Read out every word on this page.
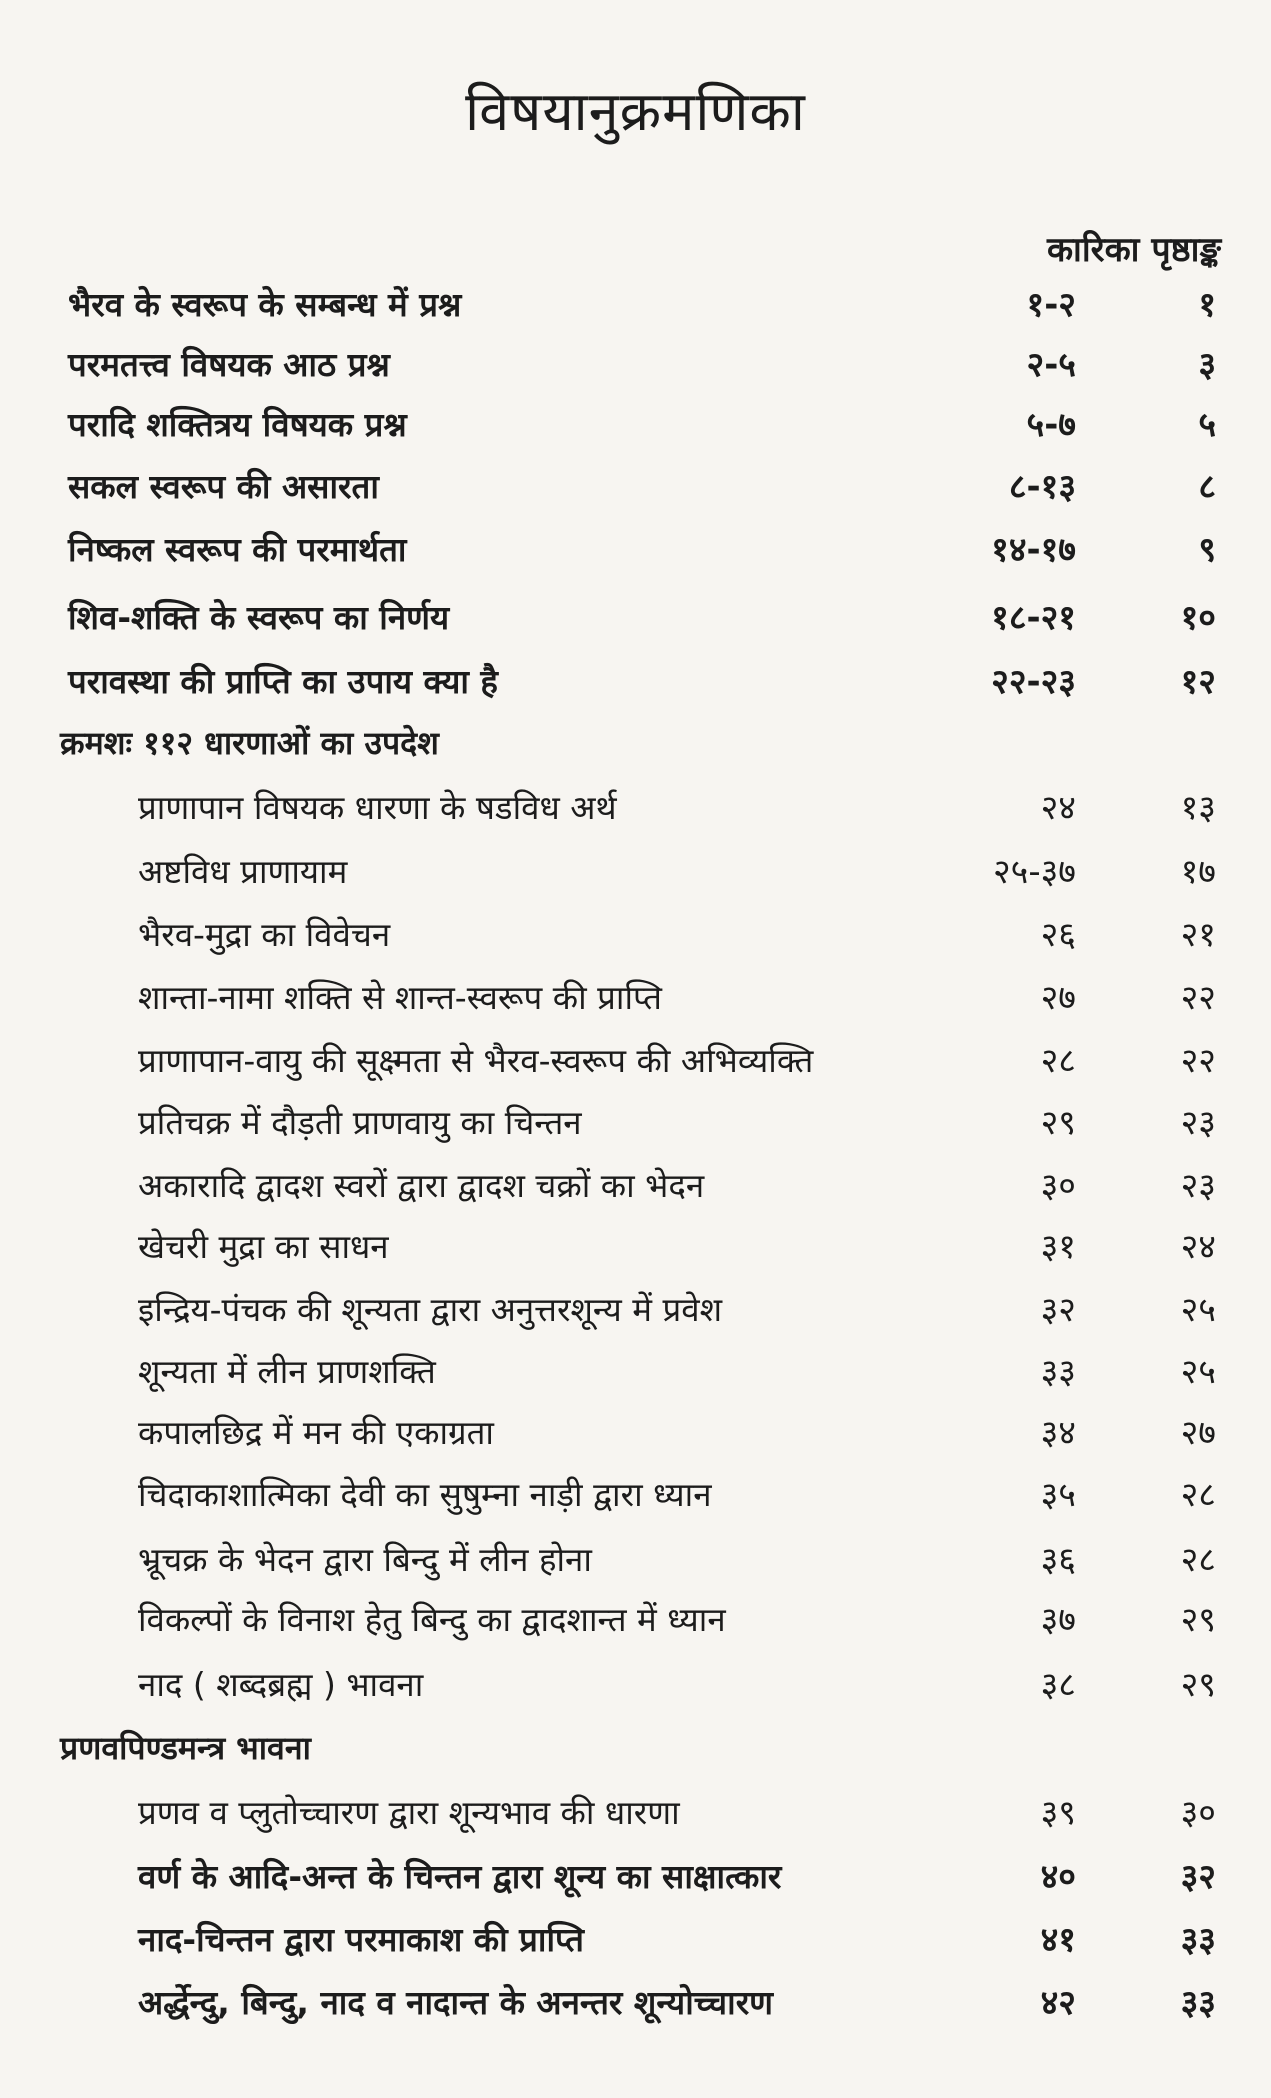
विषयानुक्रमणिका
कारिका पृष्ठाङ्क
भैरव के स्वरूप के सम्बन्ध में प्रश्न	१-२	१
परमतत्त्व विषयक आठ प्रश्न	२-५	३
परादि शक्तित्रय विषयक प्रश्न	५-७	५
सकल स्वरूप की असारता	८-१३	८
निष्कल स्वरूप की परमार्थता	१४-१७	९
शिव-शक्ति के स्वरूप का निर्णय	१८-२१	१०
परावस्था की प्राप्ति का उपाय क्या है	२२-२३	१२
क्रमशः ११२ धारणाओं का उपदेश
प्राणापान विषयक धारणा के षडविध अर्थ	२४	१३
अष्टविध प्राणायाम	२५-३७	१७
भैरव-मुद्रा का विवेचन	२६	२१
शान्ता-नामा शक्ति से शान्त-स्वरूप की प्राप्ति	२७	२२
प्राणापान-वायु की सूक्ष्मता से भैरव-स्वरूप की अभिव्यक्ति	२८	२२
प्रतिचक्र में दौड़ती प्राणवायु का चिन्तन	२९	२३
अकारादि द्वादश स्वरों द्वारा द्वादश चक्रों का भेदन	३०	२३
खेचरी मुद्रा का साधन	३१	२४
इन्द्रिय-पंचक की शून्यता द्वारा अनुत्तरशून्य में प्रवेश	३२	२५
शून्यता में लीन प्राणशक्ति	३३	२५
कपालछिद्र में मन की एकाग्रता	३४	२७
चिदाकाशात्मिका देवी का सुषुम्ना नाड़ी द्वारा ध्यान	३५	२८
भ्रूचक्र के भेदन द्वारा बिन्दु में लीन होना	३६	२८
विकल्पों के विनाश हेतु बिन्दु का द्वादशान्त में ध्यान	३७	२९
नाद ( शब्दब्रह्म ) भावना	३८	२९
प्रणवपिण्डमन्त्र भावना
प्रणव व प्लुतोच्चारण द्वारा शून्यभाव की धारणा	३९	३०
वर्ण के आदि-अन्त के चिन्तन द्वारा शून्य का साक्षात्कार	४०	३२
नाद-चिन्तन द्वारा परमाकाश की प्राप्ति	४१	३३
अर्द्धेन्दु, बिन्दु, नाद व नादान्त के अनन्तर शून्योच्चारण	४२	३३
